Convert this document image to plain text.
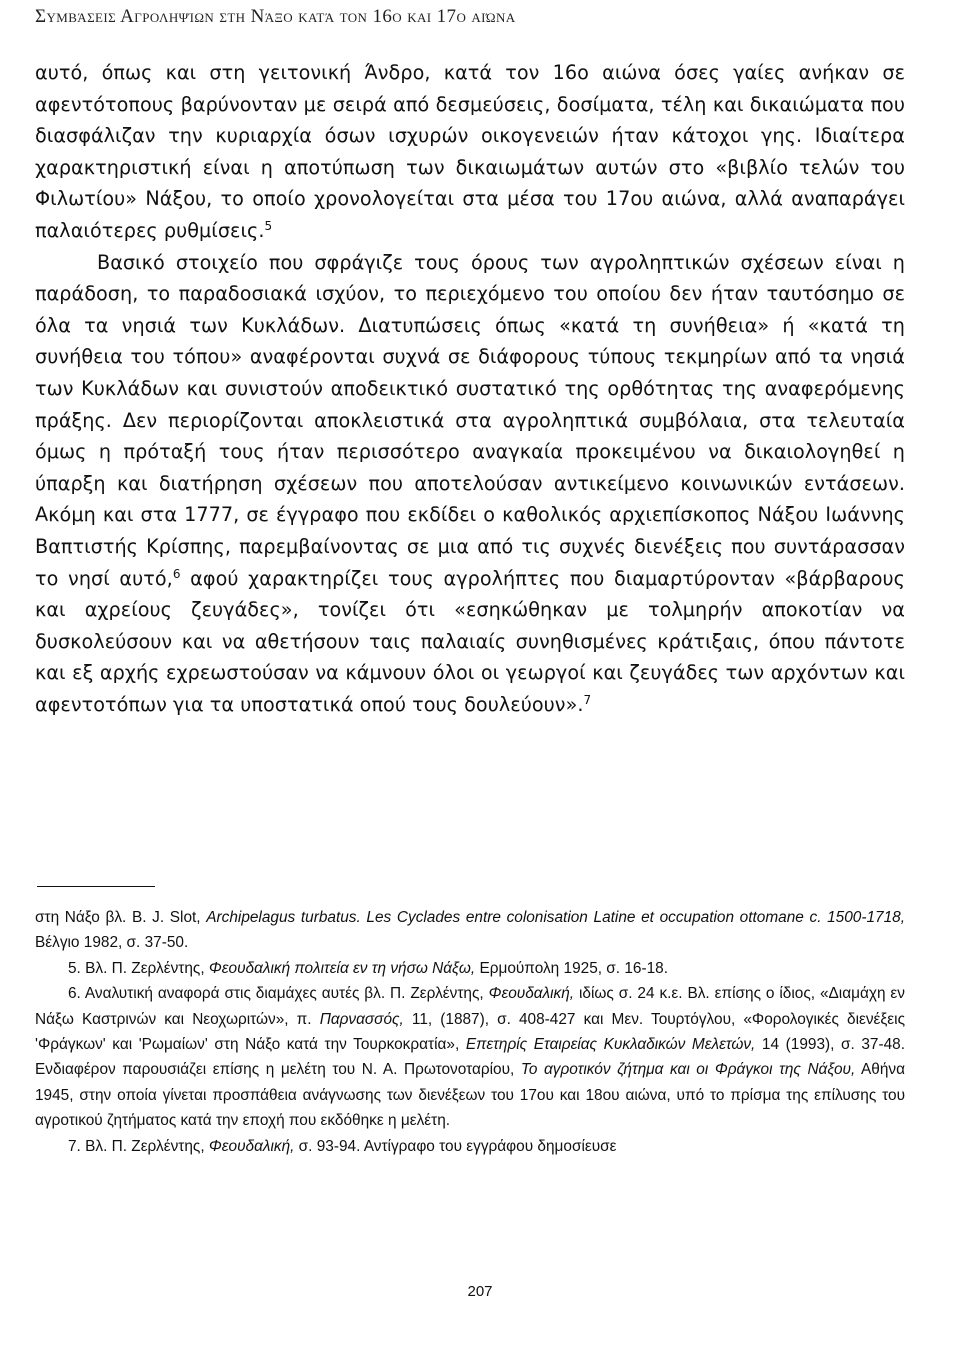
Συμβάσεις Αγροληψίων στη Νάξο κατά τον 16ο και 17ο αιώνα

αυτό, όπως και στη γειτονική Άνδρο, κατά τον 16ο αιώνα όσες γαίες ανήκαν σε αφεντότοπους βαρύνονταν με σειρά από δεσμεύσεις, δοσίματα, τέλη και δικαιώματα που διασφάλιζαν την κυριαρχία όσων ισχυρών οικογενειών ήταν κάτοχοι γης. Ιδιαίτερα χαρακτηριστική είναι η αποτύπωση των δικαιωμάτων αυτών στο «βιβλίο τελών του Φιλωτίου» Νάξου, το οποίο χρονολογείται στα μέσα του 17ου αιώνα, αλλά αναπαράγει παλαιότερες ρυθμίσεις.$^5$

Βασικό στοιχείο που σφράγιζε τους όρους των αγροληπτικών σχέσεων είναι η παράδοση, το παραδοσιακά ισχύον, το περιεχόμενο του οποίου δεν ήταν ταυτόσημο σε όλα τα νησιά των Κυκλάδων. Διατυπώσεις όπως «κατά τη συνήθεια» ή «κατά τη συνήθεια του τόπου» αναφέρονται συχνά σε διάφορους τύπους τεκμηρίων από τα νησιά των Κυκλάδων και συνιστούν αποδεικτικό συστατικό της ορθότητας της αναφερόμενης πράξης. Δεν περιορίζονται αποκλειστικά στα αγροληπτικά συμβόλαια, στα τελευταία όμως η πρόταξή τους ήταν περισσότερο αναγκαία προκειμένου να δικαιολογηθεί η ύπαρξη και διατήρηση σχέσεων που αποτελούσαν αντικείμενο κοινωνικών εντάσεων. Ακόμη και στα 1777, σε έγγραφο που εκδίδει ο καθολικός αρχιεπίσκοπος Νάξου Ιωάννης Βαπτιστής Κρίσπης, παρεμβαίνοντας σε μια από τις συχνές διενέξεις που συντάρασσαν το νησί αυτό,$^6$ αφού χαρακτηρίζει τους αγρολήπτες που διαμαρτύρονταν «βάρβαρους και αχρείους ζευγάδες», τονίζει ότι «εσηκώθηκαν με τολμηρήν αποκοτίαν να δυσκολεύσουν και να αθετήσουν ταις παλαιαίς συνηθισμένες κράτιξαις, όπου πάντοτε και εξ αρχής εχρεωστούσαν να κάμνουν όλοι οι γεωργοί και ζευγάδες των αρχόντων και αφεντοτόπων για τα υποστατικά οπού τους δουλεύουν».$^7$

στη Νάξο βλ. Β. J. Slot, Archipelagus turbatus. Les Cyclades entre colonisation Latine et occupation ottomane c. 1500-1718, Βέλγιο 1982, σ. 37-50.

5. Βλ. Π. Ζερλέντης, Φεουδαλική πολιτεία εν τη νήσω Νάξω, Ερμούπολη 1925, σ. 16-18.

6. Αναλυτική αναφορά στις διαμάχες αυτές βλ. Π. Ζερλέντης, Φεουδαλική, ιδίως σ. 24 κ.ε. Βλ. επίσης ο ίδιος, «Διαμάχη εν Νάξω Καστρινών και Νεοχωριτών», π. Παρνασσός, 11, (1887), σ. 408-427 και Μεν. Τουρτόγλου, «Φορολογικές διενέξεις 'Φράγκων' και 'Ρωμαίων' στη Νάξο κατά την Τουρκοκρατία», Επετηρίς Εταιρείας Κυκλαδικών Μελετών, 14 (1993), σ. 37-48. Ενδιαφέρον παρουσιάζει επίσης η μελέτη του Ν. Α. Πρωτονοταρίου, Το αγροτικόν ζήτημα και οι Φράγκοι της Νάξου, Αθήνα 1945, στην οποία γίνεται προσπάθεια ανάγνωσης των διενέξεων του 17ου και 18ου αιώνα, υπό το πρίσμα της επίλυσης του αγροτικού ζητήματος κατά την εποχή που εκδόθηκε η μελέτη.

7. Βλ. Π. Ζερλέντης, Φεουδαλική, σ. 93-94. Αντίγραφο του εγγράφου δημοσίευσε

207
